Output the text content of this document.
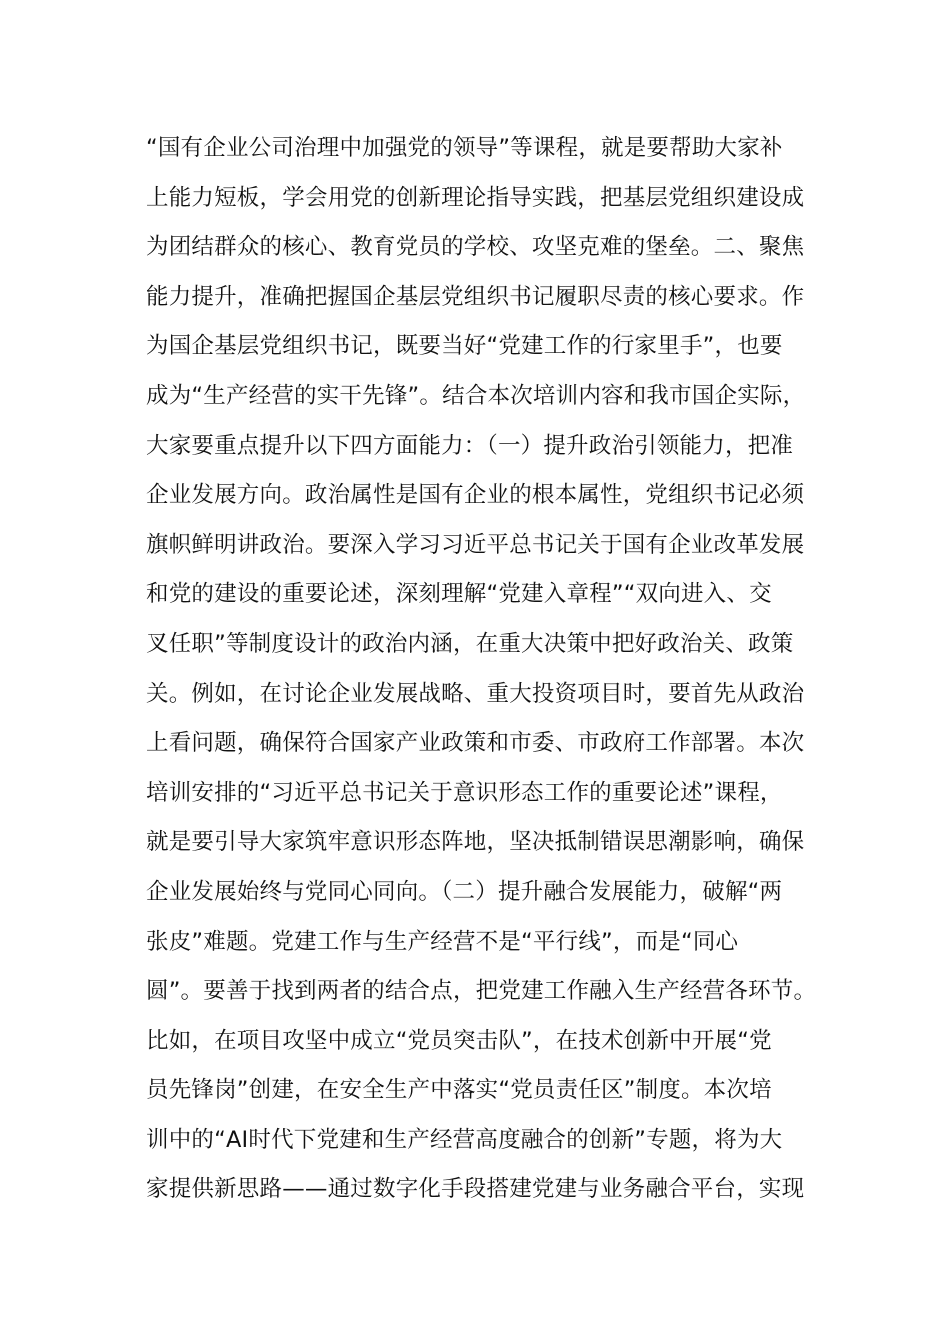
“国有企业公司治理中加强党的领导”等课程，就是要帮助大家补
上能力短板，学会用党的创新理论指导实践，把基层党组织建设成
为团结群众的核心、教育党员的学校、攻坚克难的堡垒。二、聚焦
能力提升，准确把握国企基层党组织书记履职尽责的核心要求。作
为国企基层党组织书记，既要当好“党建工作的行家里手”，也要
成为“生产经营的实干先锋”。结合本次培训内容和我市国企实际，
大家要重点提升以下四方面能力：（一）提升政治引领能力，把准
企业发展方向。政治属性是国有企业的根本属性，党组织书记必须
旗帜鲜明讲政治。要深入学习习近平总书记关于国有企业改革发展
和党的建设的重要论述，深刻理解“党建入章程”“双向进入、交
叉任职”等制度设计的政治内涵，在重大决策中把好政治关、政策
关。例如，在讨论企业发展战略、重大投资项目时，要首先从政治
上看问题，确保符合国家产业政策和市委、市政府工作部署。本次
培训安排的“习近平总书记关于意识形态工作的重要论述”课程，
就是要引导大家筑牢意识形态阵地，坚决抵制错误思潮影响，确保
企业发展始终与党同心同向。（二）提升融合发展能力，破解“两
张皮”难题。党建工作与生产经营不是“平行线”，而是“同心
圆”。要善于找到两者的结合点，把党建工作融入生产经营各环节。
比如，在项目攻坚中成立“党员突击队”，在技术创新中开展“党
员先锋岗”创建，在安全生产中落实“党员责任区”制度。本次培
训中的“AI时代下党建和生产经营高度融合的创新”专题，将为大
家提供新思路——通过数字化手段搭建党建与业务融合平台，实现
